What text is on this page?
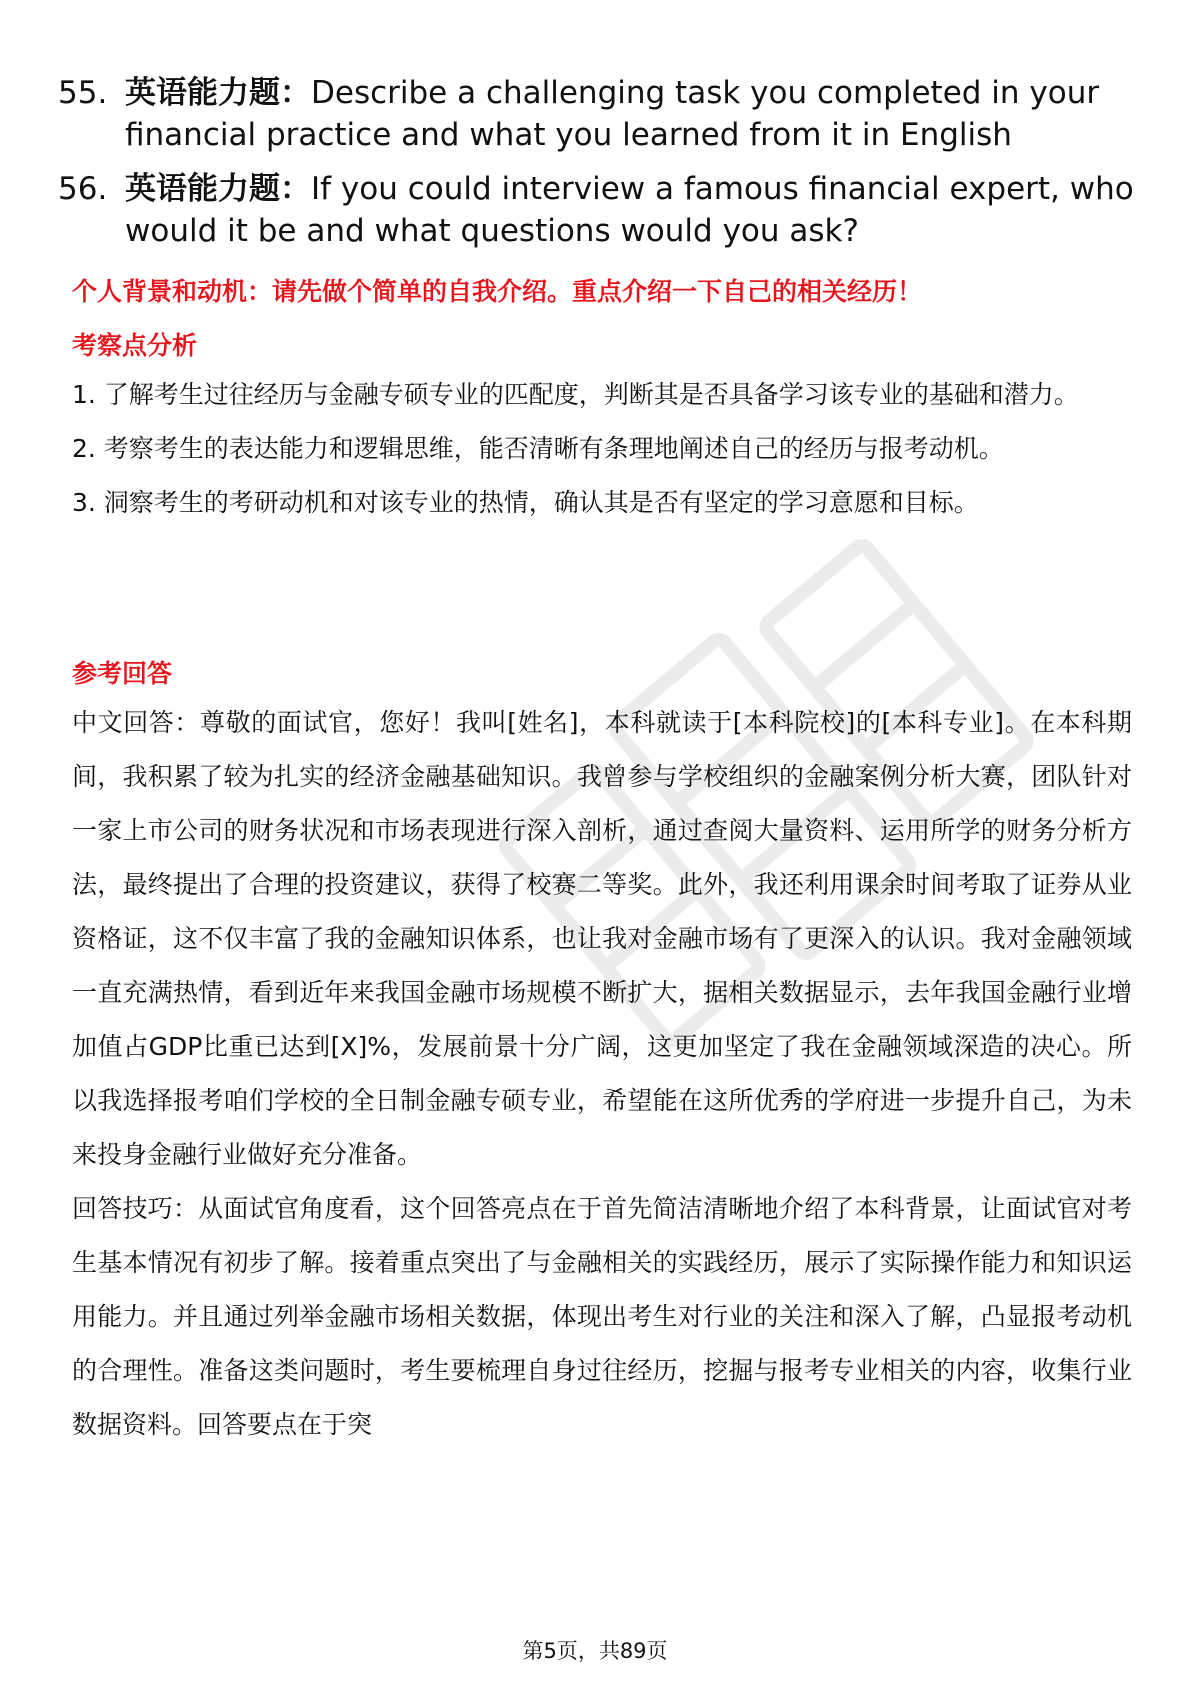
55. 英语能力题：Describe a challenging task you completed in your financial practice and what you learned from it in English
56. 英语能力题：If you could interview a famous financial expert, who would it be and what questions would you ask?
个人背景和动机：请先做个简单的自我介绍。重点介绍一下自己的相关经历！
考察点分析

1. 了解考生过往经历与金融专硕专业的匹配度，判断其是否具备学习该专业的基础和潜力。

2. 考察考生的表达能力和逻辑思维，能否清晰有条理地阐述自己的经历与报考动机。

3. 洞察考生的考研动机和对该专业的热情，确认其是否有坚定的学习意愿和目标。

参考回答

中文回答：尊敬的面试官，您好！我叫[姓名]，本科就读于[本科院校]的[本科专业]。在本科期间，我积累了较为扎实的经济金融基础知识。我曾参与学校组织的金融案例分析大赛，团队针对一家上市公司的财务状况和市场表现进行深入剖析，通过查阅大量资料、运用所学的财务分析方法，最终提出了合理的投资建议，获得了校赛二等奖。此外，我还利用课余时间考取了证券从业资格证，这不仅丰富了我的金融知识体系，也让我对金融市场有了更深入的认识。我对金融领域一直充满热情，看到近年来我国金融市场规模不断扩大，据相关数据显示，去年我国金融行业增加值占GDP比重已达到[X]%，发展前景十分广阔，这更加坚定了我在金融领域深造的决心。所以我选择报考咱们学校的全日制金融专硕专业，希望能在这所优秀的学府进一步提升自己，为未来投身金融行业做好充分准备。

回答技巧：从面试官角度看，这个回答亮点在于首先简洁清晰地介绍了本科背景，让面试官对考生基本情况有初步了解。接着重点突出了与金融相关的实践经历，展示了实际操作能力和知识运用能力。并且通过列举金融市场相关数据，体现出考生对行业的关注和深入了解，凸显报考动机的合理性。准备这类问题时，考生要梳理自身过往经历，挖掘与报考专业相关的内容，收集行业数据资料。回答要点在于突

第5页，共89页
